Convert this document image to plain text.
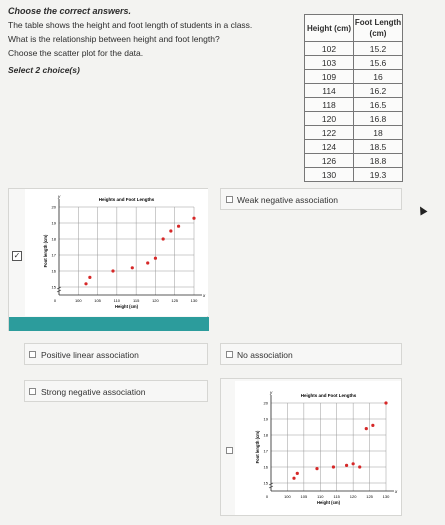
Choose the correct answers.

The table shows the height and foot length of students in a class.

What is the relationship between height and foot length?

Choose the scatter plot for the data.

Select 2 choice(s)
Height (cm)	Foot Length
(cm)
102	15.2
103	15.6
109	16
114	16.2
118	16.5
120	16.8
122	18
124	18.5
126	18.8
130	19.3
y
x
Heights and Foot Lengths
0	100	105	110	115	120	125	130
15
16
17
18
19
20
Height (cm)
Foot length (cm)
✓
Weak negative association
Positive linear association	No association
Strong negative association	y
x
Heights and Foot Lengths
0	100 105 110	115 120 125 130
15
16
17
18
19
20
Height (cm)
Foot length (cm)
